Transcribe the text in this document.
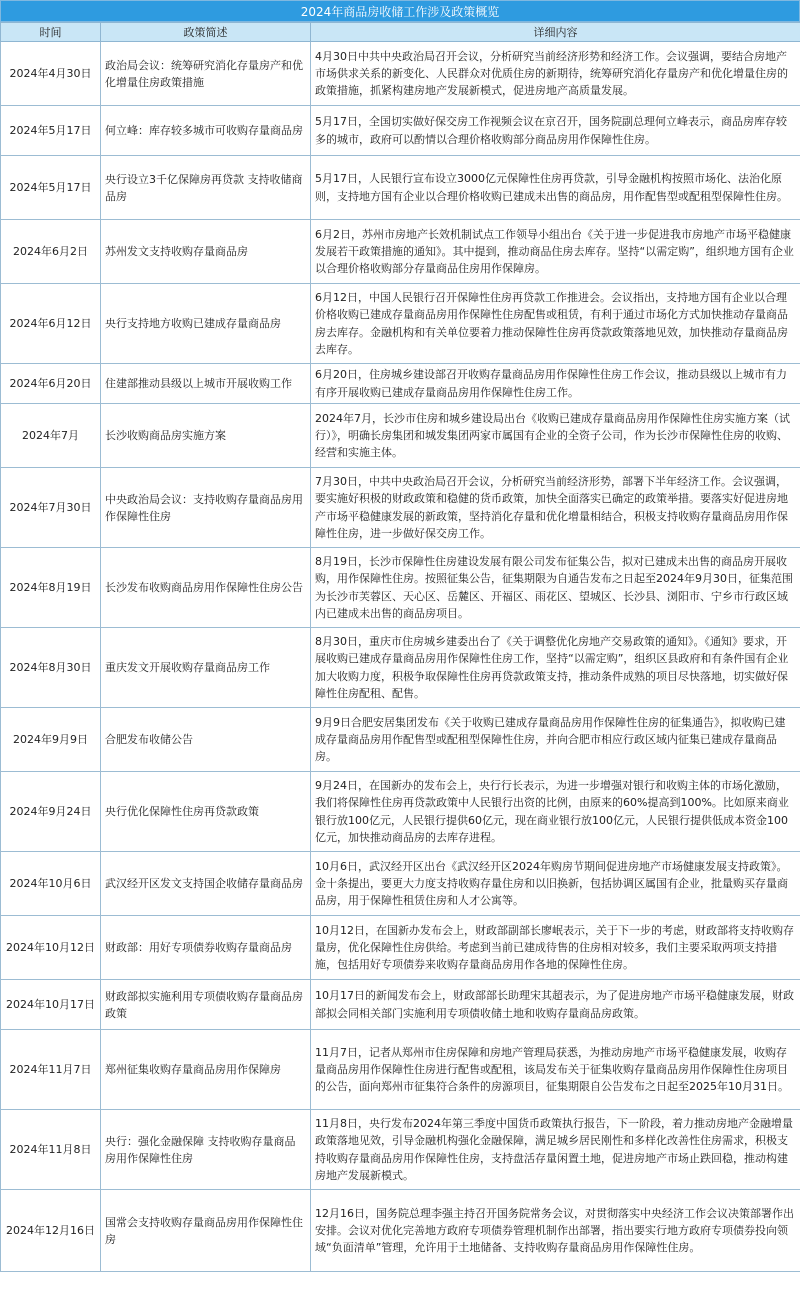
2024年商品房收储工作涉及政策概览
时间	政策简述	详细内容
2024年4月30日	政治局会议：统筹研究消化存量房产和优化增量住房政策措施	4月30日中共中央政治局召开会议，分析研究当前经济形势和经济工作。会议强调，要结合房地产市场供求关系的新变化、人民群众对优质住房的新期待，统筹研究消化存量房产和优化增量住房的政策措施，抓紧构建房地产发展新模式，促进房地产高质量发展。
2024年5月17日	何立峰：库存较多城市可收购存量商品房	5月17日，全国切实做好保交房工作视频会议在京召开，国务院副总理何立峰表示，商品房库存较多的城市，政府可以酌情以合理价格收购部分商品房用作保障性住房。
2024年5月17日	央行设立3千亿保障房再贷款 支持收储商品房	5月17日，人民银行宣布设立3000亿元保障性住房再贷款，引导金融机构按照市场化、法治化原则，支持地方国有企业以合理价格收购已建成未出售的商品房，用作配售型或配租型保障性住房。
2024年6月2日	苏州发文支持收购存量商品房	6月2日，苏州市房地产长效机制试点工作领导小组出台《关于进一步促进我市房地产市场平稳健康发展若干政策措施的通知》。其中提到，推动商品住房去库存。坚持“以需定购”，组织地方国有企业以合理价格收购部分存量商品住房用作保障房。
2024年6月12日	央行支持地方收购已建成存量商品房	6月12日，中国人民银行召开保障性住房再贷款工作推进会。会议指出，支持地方国有企业以合理价格收购已建成存量商品房用作保障性住房配售或租赁，有利于通过市场化方式加快推动存量商品房去库存。金融机构和有关单位要着力推动保障性住房再贷款政策落地见效，加快推动存量商品房去库存。
2024年6月20日	住建部推动县级以上城市开展收购工作	6月20日，住房城乡建设部召开收购存量商品房用作保障性住房工作会议，推动县级以上城市有力有序开展收购已建成存量商品房用作保障性住房工作。
2024年7月	长沙收购商品房实施方案	2024年7月，长沙市住房和城乡建设局出台《收购已建成存量商品房用作保障性住房实施方案（试行）》，明确长房集团和城发集团两家市属国有企业的全资子公司，作为长沙市保障性住房的收购、经营和实施主体。
2024年7月30日	中央政治局会议：支持收购存量商品房用作保障性住房	7月30日，中共中央政治局召开会议，分析研究当前经济形势，部署下半年经济工作。会议强调，要实施好积极的财政政策和稳健的货币政策，加快全面落实已确定的政策举措。要落实好促进房地产市场平稳健康发展的新政策，坚持消化存量和优化增量相结合，积极支持收购存量商品房用作保障性住房，进一步做好保交房工作。
2024年8月19日	长沙发布收购商品房用作保障性住房公告	8月19日，长沙市保障性住房建设发展有限公司发布征集公告，拟对已建成未出售的商品房开展收购，用作保障性住房。按照征集公告，征集期限为自通告发布之日起至2024年9月30日，征集范围为长沙市芙蓉区、天心区、岳麓区、开福区、雨花区、望城区、长沙县、浏阳市、宁乡市行政区域内已建成未出售的商品房项目。
2024年8月30日	重庆发文开展收购存量商品房工作	8月30日，重庆市住房城乡建委出台了《关于调整优化房地产交易政策的通知》。《通知》要求，开展收购已建成存量商品房用作保障性住房工作，坚持“以需定购”，组织区县政府和有条件国有企业加大收购力度，积极争取保障性住房再贷款政策支持，推动条件成熟的项目尽快落地，切实做好保障性住房配租、配售。
2024年9月9日	合肥发布收储公告	9月9日合肥安居集团发布《关于收购已建成存量商品房用作保障性住房的征集通告》，拟收购已建成存量商品房用作配售型或配租型保障性住房，并向合肥市相应行政区域内征集已建成存量商品房。
2024年9月24日	央行优化保障性住房再贷款政策	9月24日，在国新办的发布会上，央行行长表示，为进一步增强对银行和收购主体的市场化激励，我们将保障性住房再贷款政策中人民银行出资的比例，由原来的60%提高到100%。比如原来商业银行放100亿元，人民银行提供60亿元，现在商业银行放100亿元，人民银行提供低成本资金100亿元，加快推动商品房的去库存进程。
2024年10月6日	武汉经开区发文支持国企收储存量商品房	10月6日，武汉经开区出台《武汉经开区2024年购房节期间促进房地产市场健康发展支持政策》。金十条提出，要更大力度支持收购存量住房和以旧换新，包括协调区属国有企业，批量购买存量商品房，用于保障性租赁住房和人才公寓等。
2024年10月12日	财政部：用好专项债券收购存量商品房	10月12日，在国新办发布会上，财政部副部长廖岷表示，关于下一步的考虑，财政部将支持收购存量房，优化保障性住房供给。考虑到当前已建成待售的住房相对较多，我们主要采取两项支持措施，包括用好专项债券来收购存量商品房用作各地的保障性住房。
2024年10月17日	财政部拟实施利用专项债收购存量商品房政策	10月17日的新闻发布会上，财政部部长助理宋其超表示，为了促进房地产市场平稳健康发展，财政部拟会同相关部门实施利用专项债收储土地和收购存量商品房政策。
2024年11月7日	郑州征集收购存量商品房用作保障房	11月7日，记者从郑州市住房保障和房地产管理局获悉，为推动房地产市场平稳健康发展，收购存量商品房用作保障性住房进行配售或配租，该局发布关于征集收购存量商品房用作保障性住房项目的公告，面向郑州市征集符合条件的房源项目，征集期限自公告发布之日起至2025年10月31日。
2024年11月8日	央行：强化金融保障 支持收购存量商品房用作保障性住房	11月8日，央行发布2024年第三季度中国货币政策执行报告，下一阶段，着力推动房地产金融增量政策落地见效，引导金融机构强化金融保障，满足城乡居民刚性和多样化改善性住房需求，积极支持收购存量商品房用作保障性住房，支持盘活存量闲置土地，促进房地产市场止跌回稳，推动构建房地产发展新模式。
2024年12月16日	国常会支持收购存量商品房用作保障性住房	12月16日，国务院总理李强主持召开国务院常务会议，对贯彻落实中央经济工作会议决策部署作出安排。会议对优化完善地方政府专项债券管理机制作出部署，指出要实行地方政府专项债券投向领域“负面清单”管理，允许用于土地储备、支持收购存量商品房用作保障性住房。
